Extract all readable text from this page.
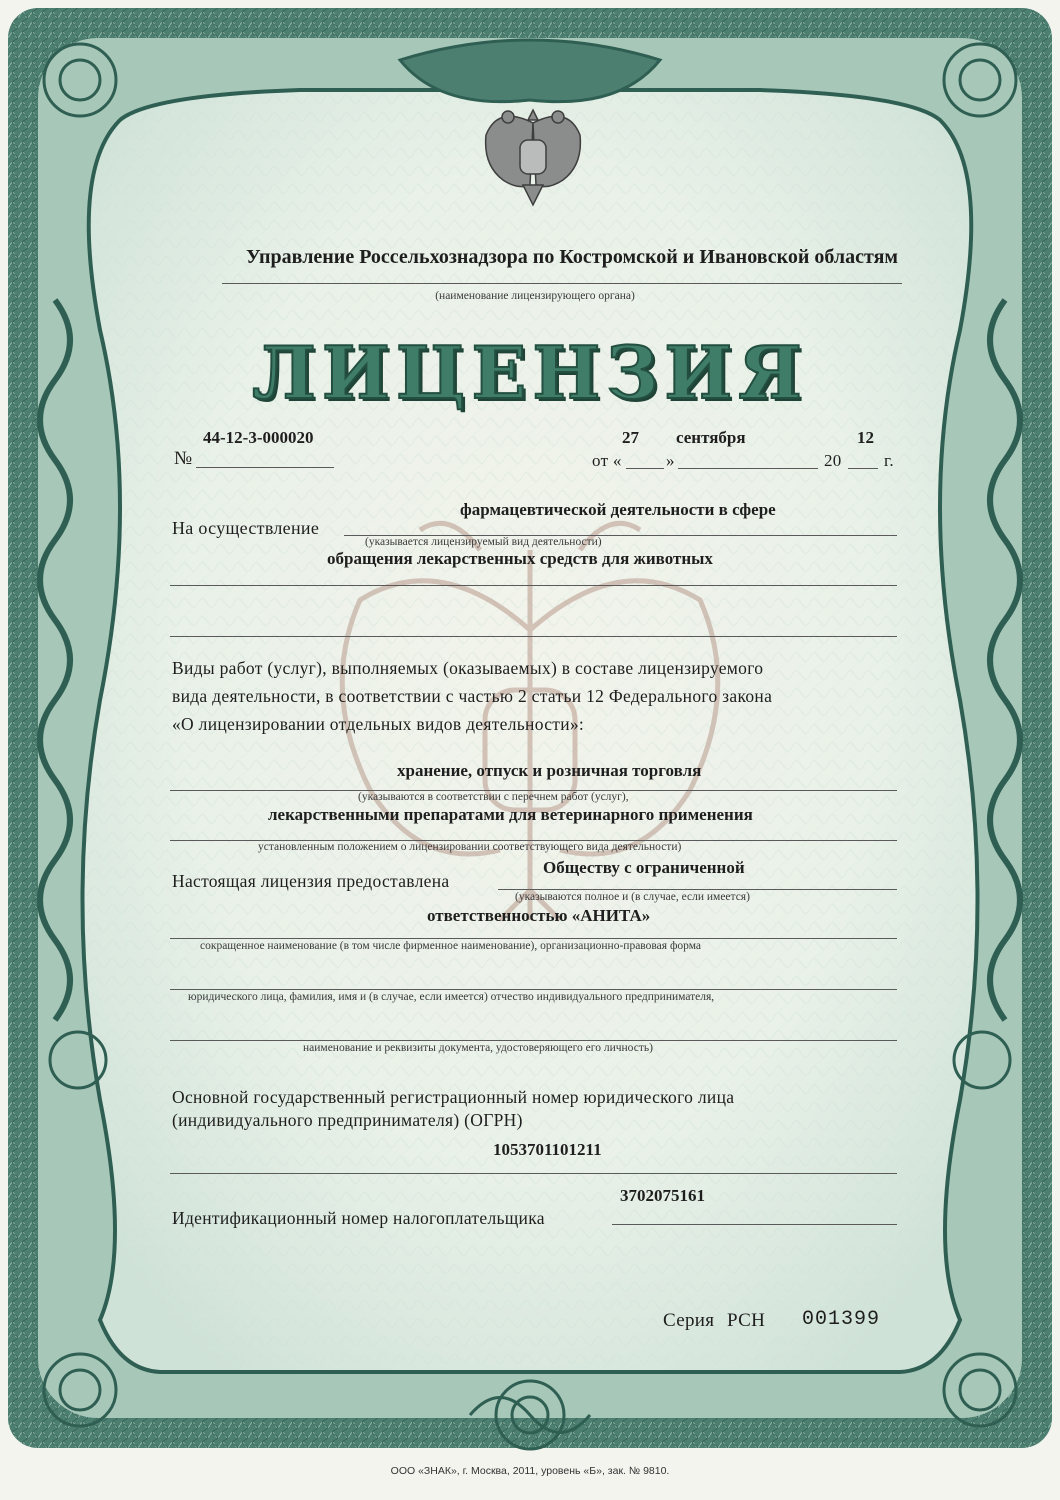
Управление Россельхознадзора по Костромской и Ивановской областям

(наименование лицензирующего органа)

ЛИЦЕНЗИЯ

44-12-3-000020

№

27 сентября	12

от «	»	20 г.

фармацевтической деятельности в сфере

На осуществление

(указывается лицензируемый вид деятельности)

обращения лекарственных средств для животных

Виды работ (услуг), выполняемых (оказываемых) в составе лицензируемого

вида деятельности, в соответствии с частью 2 статьи 12 Федерального закона

«О лицензировании отдельных видов деятельности»:

хранение, отпуск и розничная торговля

(указываются в соответствии с перечнем работ (услуг),

лекарственными препаратами для ветеринарного применения

установленным положением о лицензировании соответствующего вида деятельности)

Обществу с ограниченной

Настоящая лицензия предоставлена

(указываются полное и (в случае, если имеется)

ответственностью «АНИТА»

сокращенное наименование (в том числе фирменное наименование), организационно-правовая форма

юридического лица, фамилия, имя и (в случае, если имеется) отчество индивидуального предпринимателя,

наименование и реквизиты документа, удостоверяющего его личность)

Основной государственный регистрационный номер юридического лица

(индивидуального предпринимателя) (ОГРН)

1053701101211

3702075161

Идентификационный номер налогоплательщика

Серия РСН 001399

ООО «ЗНАК», г. Москва, 2011, уровень «Б», зак. № 9810.
